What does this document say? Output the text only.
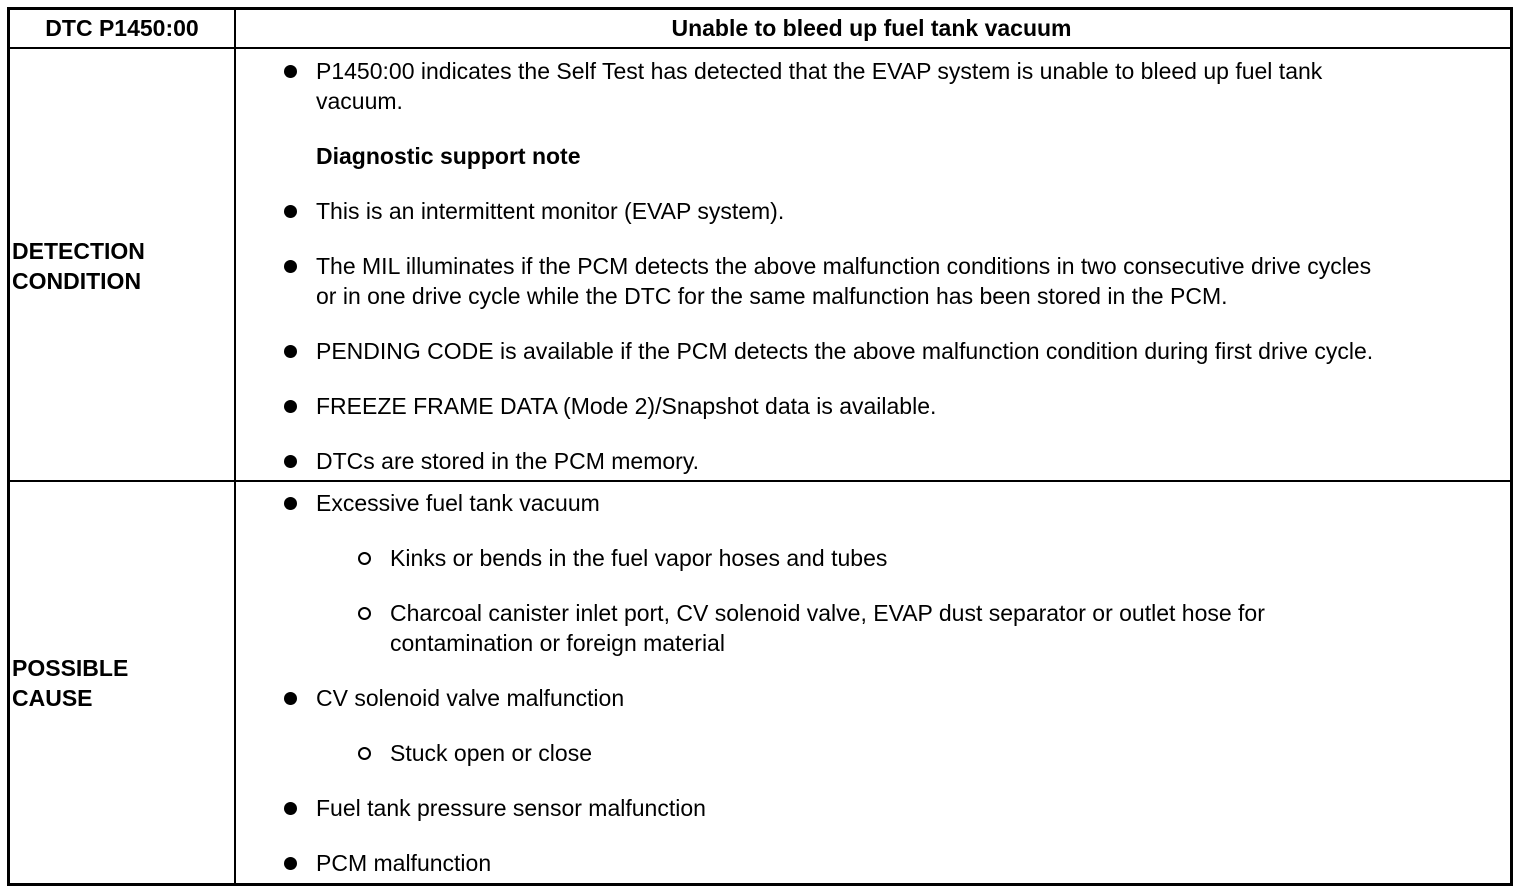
DTC P1450:00	Unable to bleed up fuel tank vacuum
DETECTION
CONDITION
P1450:00 indicates the Self Test has detected that the EVAP system is unable to bleed up fuel tank
vacuum.
Diagnostic support note
This is an intermittent monitor (EVAP system).
The MIL illuminates if the PCM detects the above malfunction conditions in two consecutive drive cycles
or in one drive cycle while the DTC for the same malfunction has been stored in the PCM.
PENDING CODE is available if the PCM detects the above malfunction condition during first drive cycle.
FREEZE FRAME DATA (Mode 2)/Snapshot data is available.
DTCs are stored in the PCM memory.
POSSIBLE
CAUSE
Excessive fuel tank vacuum
Kinks or bends in the fuel vapor hoses and tubes
Charcoal canister inlet port, CV solenoid valve, EVAP dust separator or outlet hose for
contamination or foreign material
CV solenoid valve malfunction
Stuck open or close
Fuel tank pressure sensor malfunction
PCM malfunction
